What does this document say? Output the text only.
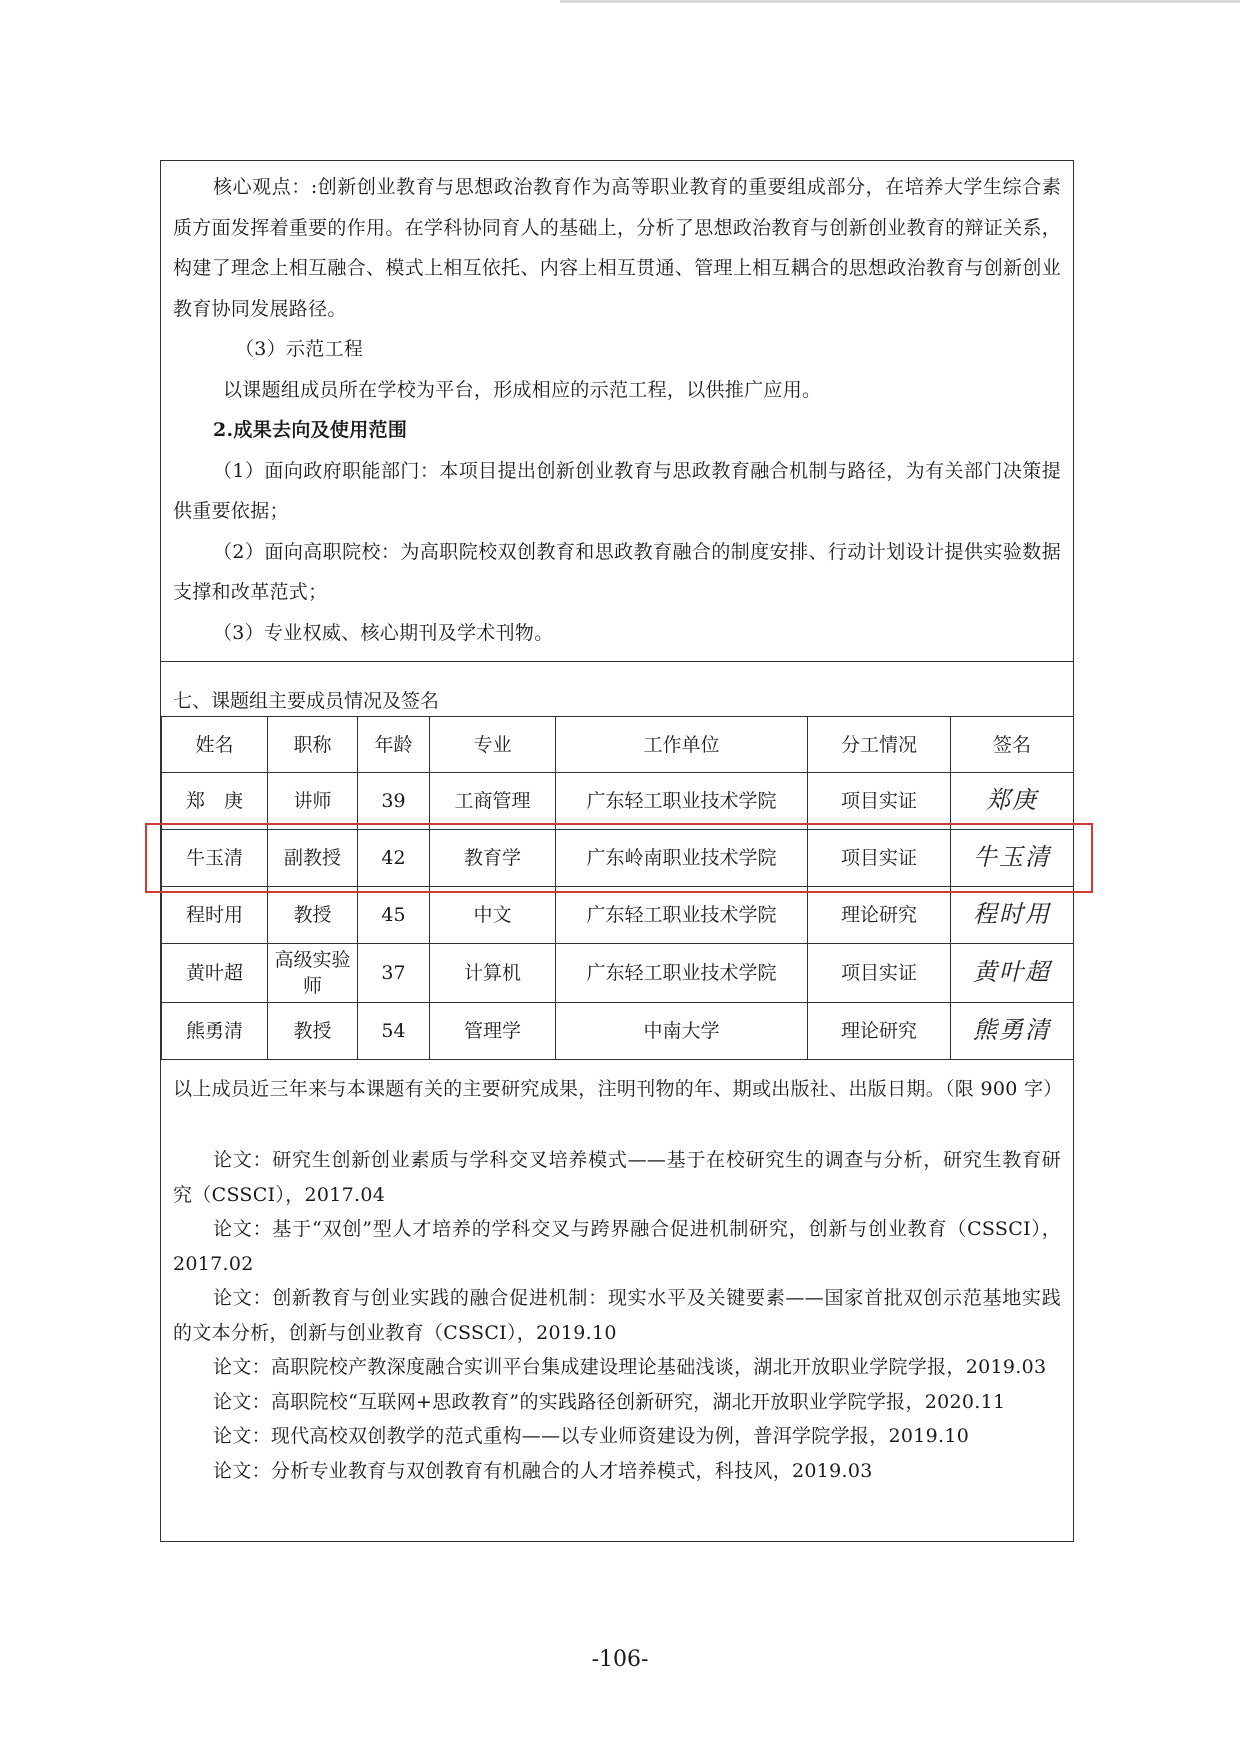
核心观点：:创新创业教育与思想政治教育作为高等职业教育的重要组成部分，在培养大学生综合素质方面发挥着重要的作用。在学科协同育人的基础上，分析了思想政治教育与创新创业教育的辩证关系，构建了理念上相互融合、模式上相互依托、内容上相互贯通、管理上相互耦合的思想政治教育与创新创业教育协同发展路径。

（3）示范工程

以课题组成员所在学校为平台，形成相应的示范工程，以供推广应用。

2.成果去向及使用范围

（1）面向政府职能部门：本项目提出创新创业教育与思政教育融合机制与路径，为有关部门决策提供重要依据；

（2）面向高职院校：为高职院校双创教育和思政教育融合的制度安排、行动计划设计提供实验数据支撑和改革范式；

（3）专业权威、核心期刊及学术刊物。

七、课题组主要成员情况及签名

姓名	职称	年龄	专业	工作单位	分工情况	签名
郑　庚	讲师	39	工商管理	广东轻工职业技术学院	项目实证	郑庚
牛玉清	副教授	42	教育学	广东岭南职业技术学院	项目实证	牛玉清
程时用	教授	45	中文	广东轻工职业技术学院	理论研究	程时用
黄叶超	高级实验师	37	计算机	广东轻工职业技术学院	项目实证	黄叶超
熊勇清	教授	54	管理学	中南大学	理论研究	熊勇清

以上成员近三年来与本课题有关的主要研究成果，注明刊物的年、期或出版社、出版日期。（限 900 字）

论文：研究生创新创业素质与学科交叉培养模式——基于在校研究生的调查与分析，研究生教育研究（CSSCI），2017.04

论文：基于“双创”型人才培养的学科交叉与跨界融合促进机制研究，创新与创业教育（CSSCI），2017.02

论文：创新教育与创业实践的融合促进机制：现实水平及关键要素——国家首批双创示范基地实践的文本分析，创新与创业教育（CSSCI），2019.10

论文：高职院校产教深度融合实训平台集成建设理论基础浅谈，湖北开放职业学院学报，2019.03

论文：高职院校“互联网+思政教育”的实践路径创新研究，湖北开放职业学院学报，2020.11

论文：现代高校双创教学的范式重构——以专业师资建设为例，普洱学院学报，2019.10

论文：分析专业教育与双创教育有机融合的人才培养模式，科技风，2019.03

-106-
